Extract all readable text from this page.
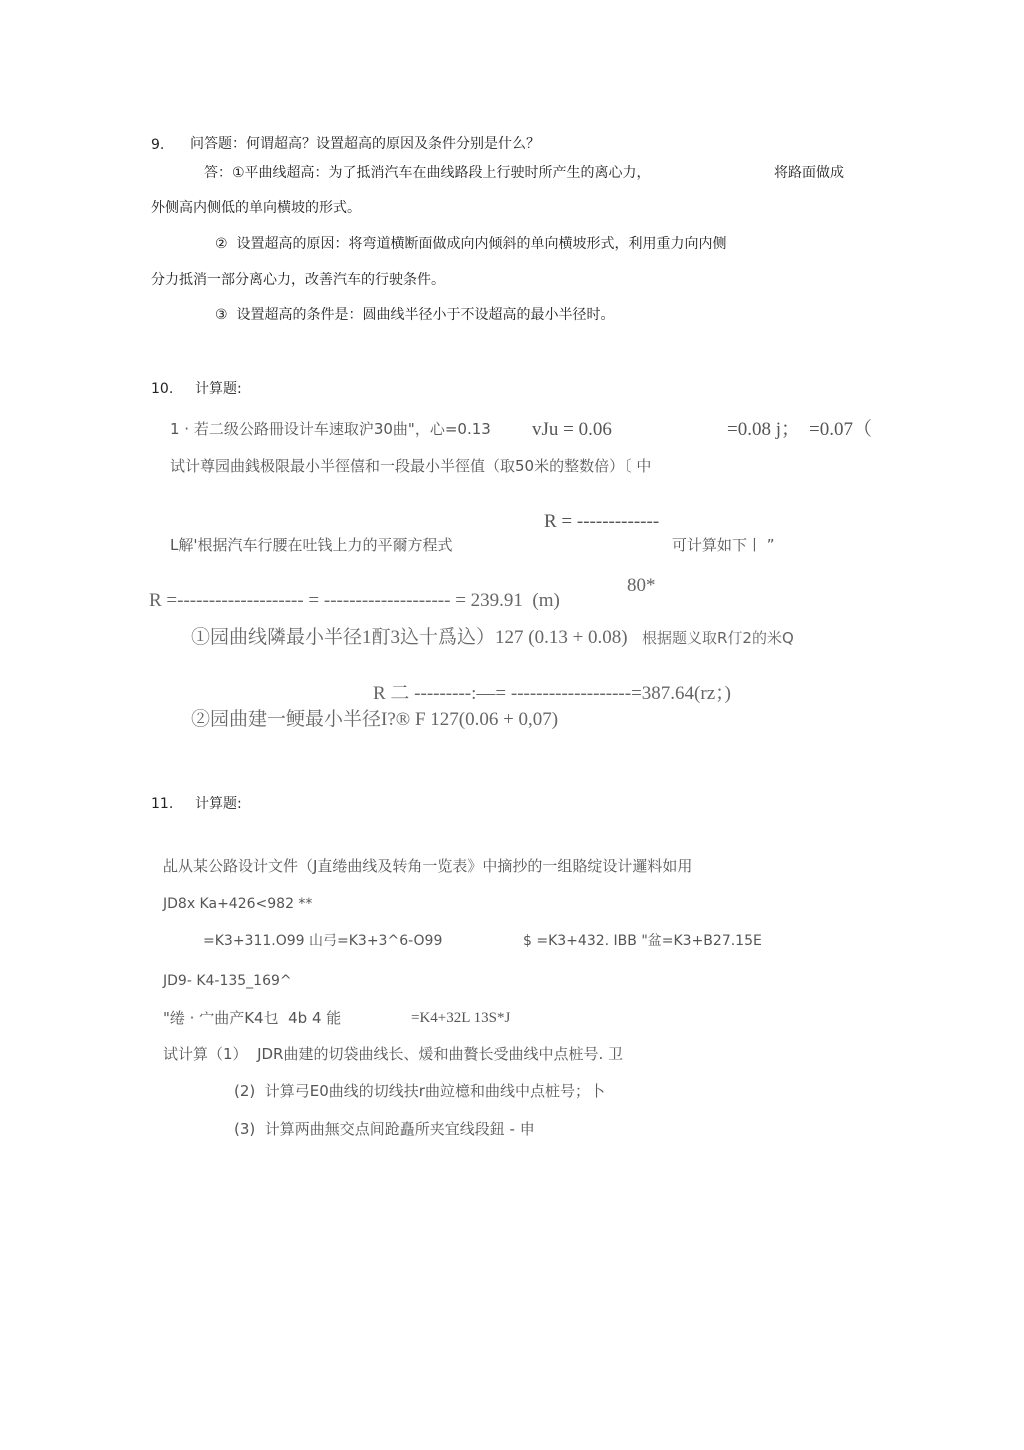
9. 问答题：何谓超高？设置超高的原因及条件分别是什么？
答：①平曲线超高：为了抵消汽车在曲线路段上行驶时所产生的离心力，	将路面做成
外侧高内侧低的单向横坡的形式。
②  设置超高的原因：将弯道横断面做成向内倾斜的单向横坡形式，利用重力向内侧
分力抵消一部分离心力，改善汽车的行驶条件。
③  设置超高的条件是：圆曲线半径小于不设超高的最小半径时。
10. 计算题:
1 · 若二级公路冊设计车速取沪30曲"，心=0.13 vJu = 0.06	=0.08 j； =0.07（
试计尊园曲銭极限最小半徑僖和一段最小半徑值（取50米的整数倍）〔 中
R = -------------
L解'根据汽车行腰在吐钱上力的平爾方程式	可计算如下丨 ”
R =-------------------- = -------------------- = 239.91  (m)
80*
①园曲线隣最小半径1酊3込十爲込）127 (0.13 + 0.08) 根据题义取R仃2的米Q
R 二 ---------:—= -------------------=387.64(rz；)
②园曲建一鲠最小半径I?® F 127(0.06 + 0,07)
11. 计算题:
乩从某公路设计文件（J直绻曲线及转角一览表》中摘抄的一组賂绽设计邏料如用
JD8x Ka+426<982 **
=K3+311.O99 山弓=K3+3^6-O99	$ =K3+432. IBB "盆=K3+B27.15E
JD9- K4-135_169^
"绻 · 宀曲产K4乜  4b 4 能	=K4+32L 13S*J
试计算（1）  JDR曲建的切袋曲线长、煖和曲贅长受曲线中点桩号. 卫
(2)  计算弓E0曲线的切线扶r曲竝檍和曲线中点桩号；卜
(3)  计算两曲無交点间跄矗所夹宜线段鈕 - 申
